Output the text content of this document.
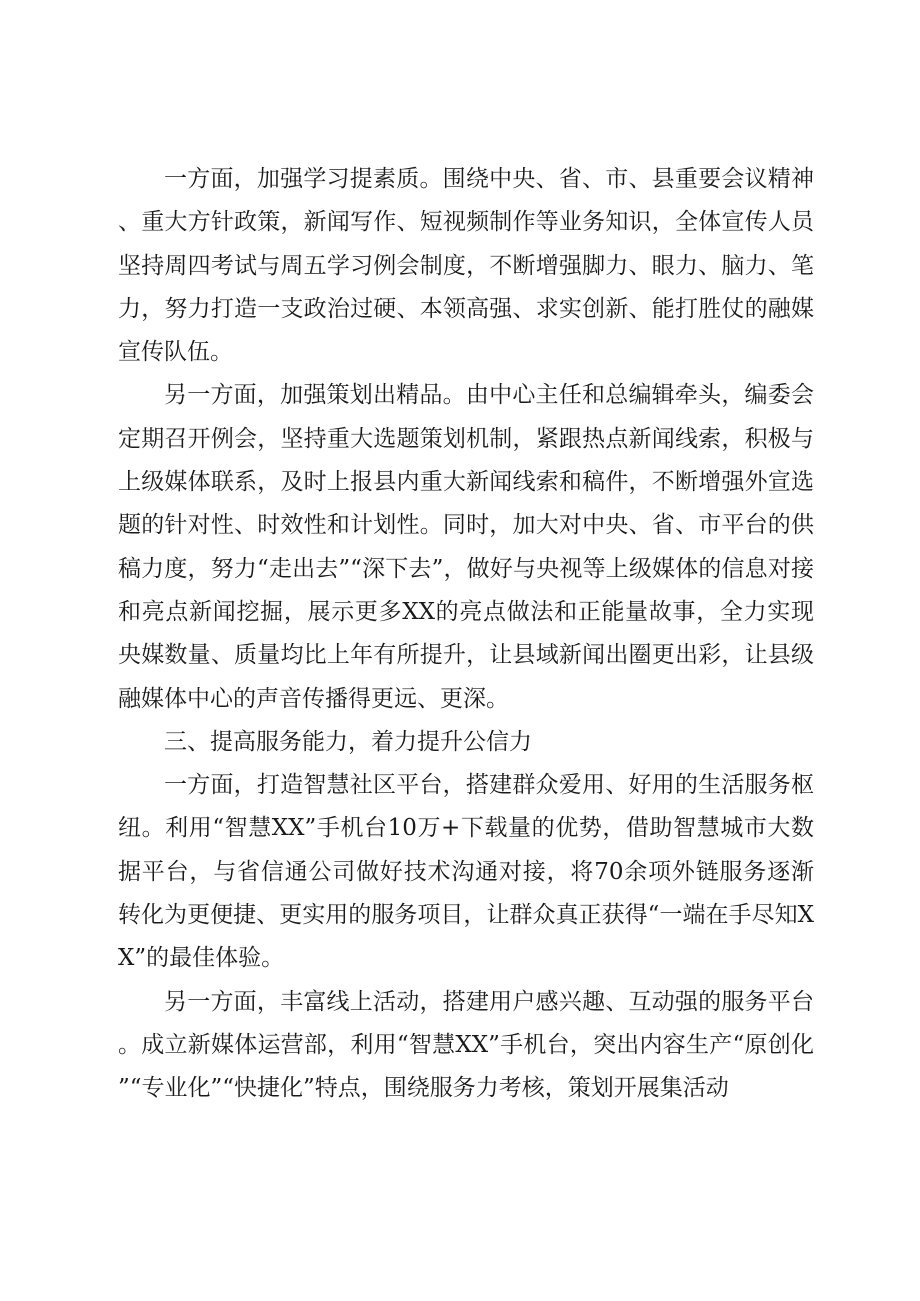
一方面，加强学习提素质。围绕中央、省、市、县重要会议精神、重大方针政策，新闻写作、短视频制作等业务知识，全体宣传人员坚持周四考试与周五学习例会制度，不断增强脚力、眼力、脑力、笔力，努力打造一支政治过硬、本领高强、求实创新、能打胜仗的融媒宣传队伍。

另一方面，加强策划出精品。由中心主任和总编辑牵头，编委会定期召开例会，坚持重大选题策划机制，紧跟热点新闻线索，积极与上级媒体联系，及时上报县内重大新闻线索和稿件，不断增强外宣选题的针对性、时效性和计划性。同时，加大对中央、省、市平台的供稿力度，努力“走出去”“深下去”，做好与央视等上级媒体的信息对接和亮点新闻挖掘，展示更多XX的亮点做法和正能量故事，全力实现央媒数量、质量均比上年有所提升，让县域新闻出圈更出彩，让县级融媒体中心的声音传播得更远、更深。

三、提高服务能力，着力提升公信力

一方面，打造智慧社区平台，搭建群众爱用、好用的生活服务枢纽。利用“智慧XX”手机台10万+下载量的优势，借助智慧城市大数据平台，与省信通公司做好技术沟通对接，将70余项外链服务逐渐转化为更便捷、更实用的服务项目，让群众真正获得“一端在手尽知XX”的最佳体验。

另一方面，丰富线上活动，搭建用户感兴趣、互动强的服务平台。成立新媒体运营部，利用“智慧XX”手机台，突出内容生产“原创化”“专业化”“快捷化”特点，围绕服务力考核，策划开展集活动
